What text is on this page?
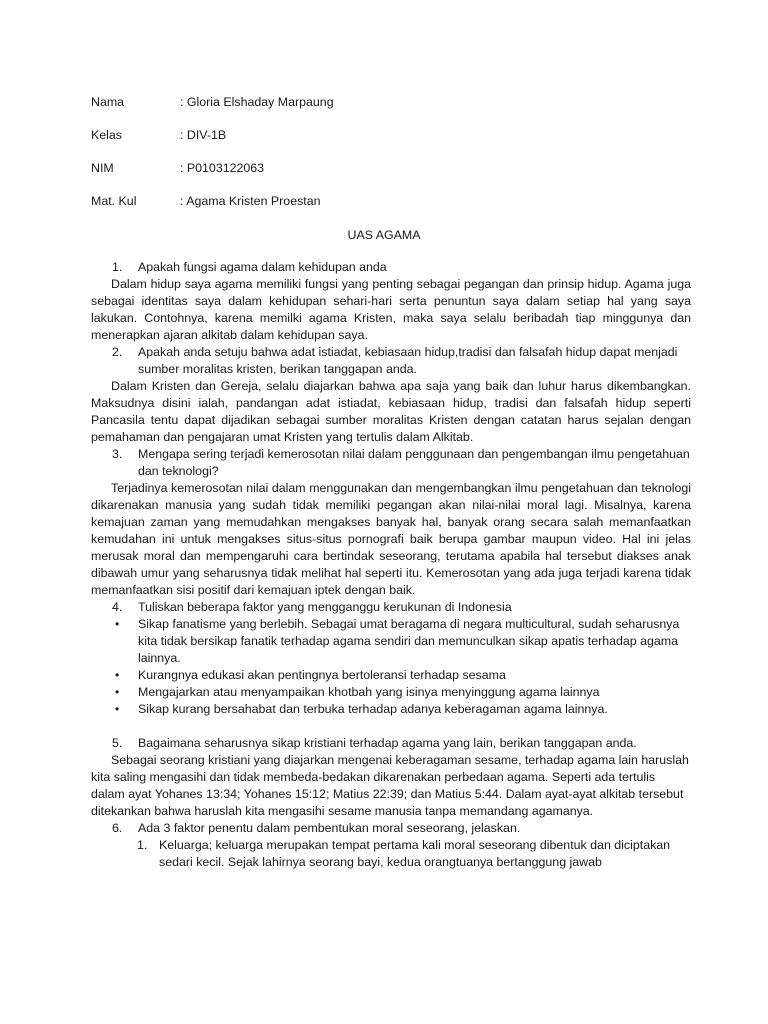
Nama	: Gloria Elshaday Marpaung
Kelas	: DIV-1B
NIM	: P0103122063
Mat. Kul	: Agama Kristen Proestan
UAS AGAMA
1. Apakah fungsi agama dalam kehidupan anda
Dalam hidup saya agama memiliki fungsi yang penting sebagai pegangan dan prinsip hidup. Agama juga sebagai identitas saya dalam kehidupan sehari-hari serta penuntun saya dalam setiap hal yang saya lakukan. Contohnya, karena memilki agama Kristen, maka saya selalu beribadah tiap minggunya dan menerapkan ajaran alkitab dalam kehidupan saya.
2. Apakah anda setuju bahwa adat istiadat, kebiasaan hidup,tradisi dan falsafah hidup dapat menjadi sumber moralitas kristen, berikan tanggapan anda.
Dalam Kristen dan Gereja, selalu diajarkan bahwa apa saja yang baik dan luhur harus dikembangkan. Maksudnya disini ialah, pandangan adat istiadat, kebiasaan hidup, tradisi dan falsafah hidup seperti Pancasila tentu dapat dijadikan sebagai sumber moralitas Kristen dengan catatan harus sejalan dengan pemahaman dan pengajaran umat Kristen yang tertulis dalam Alkitab.
3. Mengapa sering terjadi kemerosotan nilai dalam penggunaan dan pengembangan ilmu pengetahuan dan teknologi?
Terjadinya kemerosotan nilai dalam menggunakan dan mengembangkan ilmu pengetahuan dan teknologi dikarenakan manusia yang sudah tidak memiliki pegangan akan nilai-nilai moral lagi. Misalnya, karena kemajuan zaman yang memudahkan mengakses banyak hal, banyak orang secara salah memanfaatkan kemudahan ini untuk mengakses situs-situs pornografi baik berupa gambar maupun video. Hal ini jelas merusak moral dan mempengaruhi cara bertindak seseorang, terutama apabila hal tersebut diakses anak dibawah umur yang seharusnya tidak melihat hal seperti itu. Kemerosotan yang ada juga terjadi karena tidak memanfaatkan sisi positif dari kemajuan iptek dengan baik.
4. Tuliskan beberapa faktor yang mengganggu kerukunan di Indonesia
• Sikap fanatisme yang berlebih. Sebagai umat beragama di negara multicultural, sudah seharusnya kita tidak bersikap fanatik terhadap agama sendiri dan memunculkan sikap apatis terhadap agama lainnya.
• Kurangnya edukasi akan pentingnya bertoleransi terhadap sesama
• Mengajarkan atau menyampaikan khotbah yang isinya menyinggung agama lainnya
• Sikap kurang bersahabat dan terbuka terhadap adanya keberagaman agama lainnya.
5. Bagaimana seharusnya sikap kristiani terhadap agama yang lain, berikan tanggapan anda.
Sebagai seorang kristiani yang diajarkan mengenai keberagaman sesame, terhadap agama lain haruslah kita saling mengasihi dan tidak membeda-bedakan dikarenakan perbedaan agama. Seperti ada tertulis dalam ayat Yohanes 13:34; Yohanes 15:12; Matius 22:39; dan Matius 5:44. Dalam ayat-ayat alkitab tersebut ditekankan bahwa haruslah kita mengasihi sesame manusia tanpa memandang agamanya.
6. Ada 3 faktor penentu dalam pembentukan moral seseorang, jelaskan.
1. Keluarga; keluarga merupakan tempat pertama kali moral seseorang dibentuk dan diciptakan sedari kecil. Sejak lahirnya seorang bayi, kedua orangtuanya bertanggung jawab
